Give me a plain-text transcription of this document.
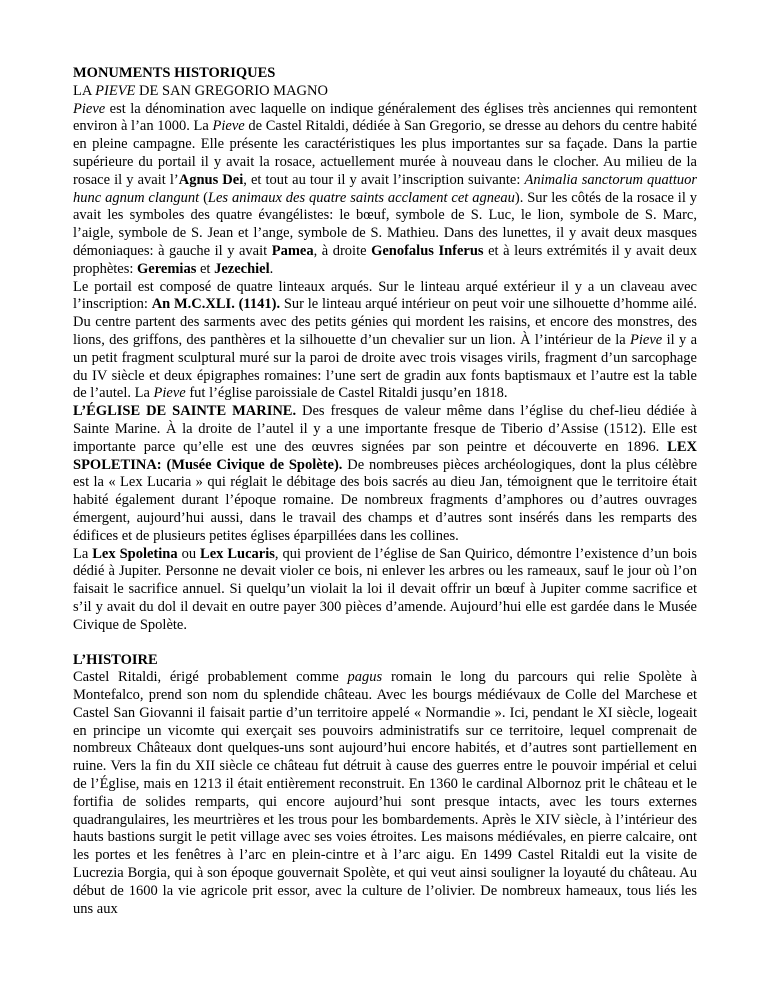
MONUMENTS HISTORIQUES

LA PIEVE DE SAN GREGORIO MAGNO

Pieve est la dénomination avec laquelle on indique généralement des églises très anciennes qui remontent environ à l’an 1000. La Pieve de Castel Ritaldi, dédiée à San Gregorio, se dresse au dehors du centre habité en pleine campagne. Elle présente les caractéristiques les plus importantes sur sa façade. Dans la partie supérieure du portail il y avait la rosace, actuellement murée à nouveau dans le clocher. Au milieu de la rosace il y avait l’Agnus Dei, et tout au tour il y avait l’inscription suivante: Animalia sanctorum quattuor hunc agnum clangunt (Les animaux des quatre saints acclament cet agneau). Sur les côtés de la rosace il y avait les symboles des quatre évangélistes: le bœuf, symbole de S. Luc, le lion, symbole de S. Marc, l’aigle, symbole de S. Jean et l’ange, symbole de S. Mathieu. Dans des lunettes, il y avait deux masques démoniaques: à gauche il y avait Pamea, à droite Genofalus Inferus et à leurs extrémités il y avait deux prophètes: Geremias et Jezechiel.

Le portail est composé de quatre linteaux arqués. Sur le linteau arqué extérieur il y a un claveau avec l’inscription: An M.C.XLI. (1141). Sur le linteau arqué intérieur on peut voir une silhouette d’homme ailé. Du centre partent des sarments avec des petits génies qui mordent les raisins, et encore des monstres, des lions, des griffons, des panthères et la silhouette d’un chevalier sur un lion. À l’intérieur de la Pieve il y a un petit fragment sculptural muré sur la paroi de droite avec trois visages virils, fragment d’un sarcophage du IV siècle et deux épigraphes romaines: l’une sert de gradin aux fonts baptismaux et l’autre est la table de l’autel. La Pieve fut l’église paroissiale de Castel Ritaldi jusqu’en 1818.

L’ÉGLISE DE SAINTE MARINE. Des fresques de valeur même dans l’église du chef-lieu dédiée à Sainte Marine. À la droite de l’autel il y a une importante fresque de Tiberio d’Assise (1512). Elle est importante parce qu’elle est une des œuvres signées par son peintre et découverte en 1896. LEX SPOLETINA: (Musée Civique de Spolète). De nombreuses pièces archéologiques, dont la plus célèbre est la « Lex Lucaria » qui réglait le débitage des bois sacrés au dieu Jan, témoignent que le territoire était habité également durant l’époque romaine. De nombreux fragments d’amphores ou d’autres ouvrages émergent, aujourd’hui aussi, dans le travail des champs et d’autres sont insérés dans les remparts des édifices et de plusieurs petites églises éparpillées dans les collines.

La Lex Spoletina ou Lex Lucaris, qui provient de l’église de San Quirico, démontre l’existence d’un bois dédié à Jupiter. Personne ne devait violer ce bois, ni enlever les arbres ou les rameaux, sauf le jour où l’on faisait le sacrifice annuel. Si quelqu’un violait la loi il devait offrir un bœuf à Jupiter comme sacrifice et s’il y avait du dol il devait en outre payer 300 pièces d’amende. Aujourd’hui elle est gardée dans le Musée Civique de Spolète.

L’HISTOIRE

Castel Ritaldi, érigé probablement comme pagus romain le long du parcours qui relie Spolète à Montefalco, prend son nom du splendide château. Avec les bourgs médiévaux de Colle del Marchese et Castel San Giovanni il faisait partie d’un territoire appelé « Normandie ». Ici, pendant le XI siècle, logeait en principe un vicomte qui exerçait ses pouvoirs administratifs sur ce territoire, lequel comprenait de nombreux Châteaux dont quelques-uns sont aujourd’hui encore habités, et d’autres sont partiellement en ruine. Vers la fin du XII siècle ce château fut détruit à cause des guerres entre le pouvoir impérial et celui de l’Église, mais en 1213 il était entièrement reconstruit. En 1360 le cardinal Albornoz prit le château et le fortifia de solides remparts, qui encore aujourd’hui sont presque intacts, avec les tours externes quadrangulaires, les meurtrières et les trous pour les bombardements. Après le XIV siècle, à l’intérieur des hauts bastions surgit le petit village avec ses voies étroites. Les maisons médiévales, en pierre calcaire, ont les portes et les fenêtres à l’arc en plein-cintre et à l’arc aigu. En 1499 Castel Ritaldi eut la visite de Lucrezia Borgia, qui à son époque gouvernait Spolète, et qui veut ainsi souligner la loyauté du château. Au début de 1600 la vie agricole prit essor, avec la culture de l’olivier. De nombreux hameaux, tous liés les uns aux
